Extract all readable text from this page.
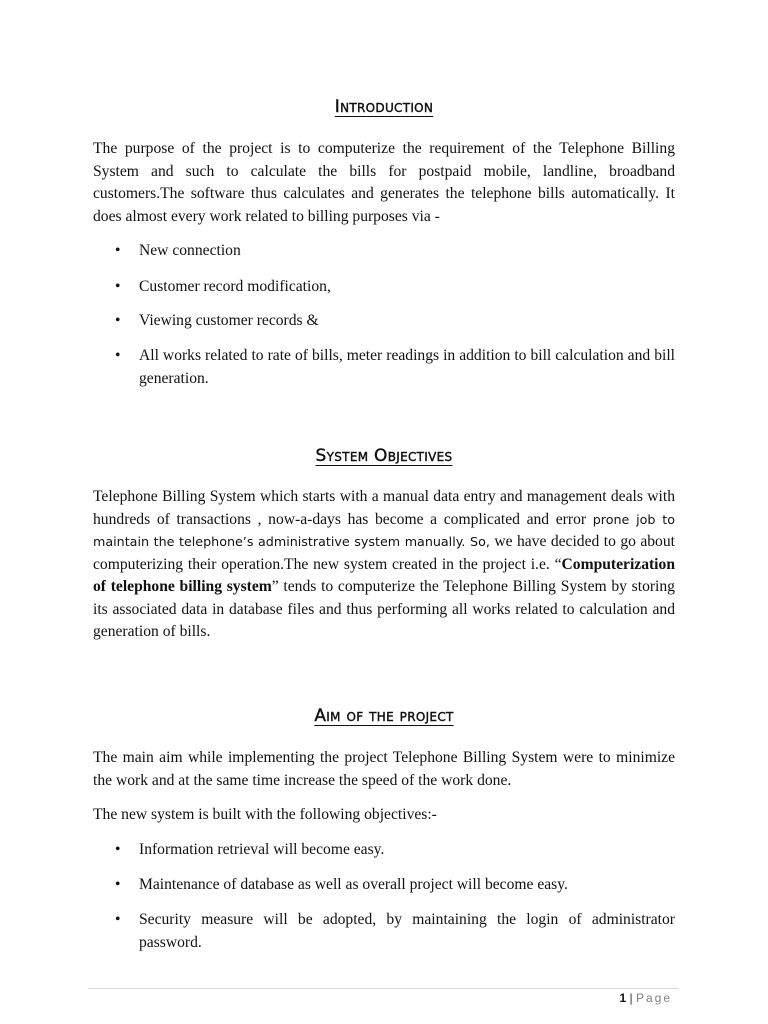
Introduction

The purpose of the project is to computerize the requirement of the Telephone Billing System and such to calculate the bills for postpaid mobile, landline, broadband customers.The software thus calculates and generates the telephone bills automatically. It does almost every work related to billing purposes via -

• New connection
• Customer record modification,
• Viewing customer records &
• All works related to rate of bills, meter readings in addition to bill calculation and bill generation.
System Objectives

Telephone Billing System which starts with a manual data entry and management deals with hundreds of transactions , now-a-days has become a complicated and error prone job to maintain the telephone’s administrative system manually. So, we have decided to go about computerizing their operation.The new system created in the project i.e. “Computerization of telephone billing system” tends to computerize the Telephone Billing System by storing its associated data in database files and thus performing all works related to calculation and generation of bills.

Aim of the project

The main aim while implementing the project Telephone Billing System were to minimize the work and at the same time increase the speed of the work done.

The new system is built with the following objectives:-

• Information retrieval will become easy.
• Maintenance of database as well as overall project will become easy.
• Security measure will be adopted, by maintaining the login of administrator password.
1 | Page
